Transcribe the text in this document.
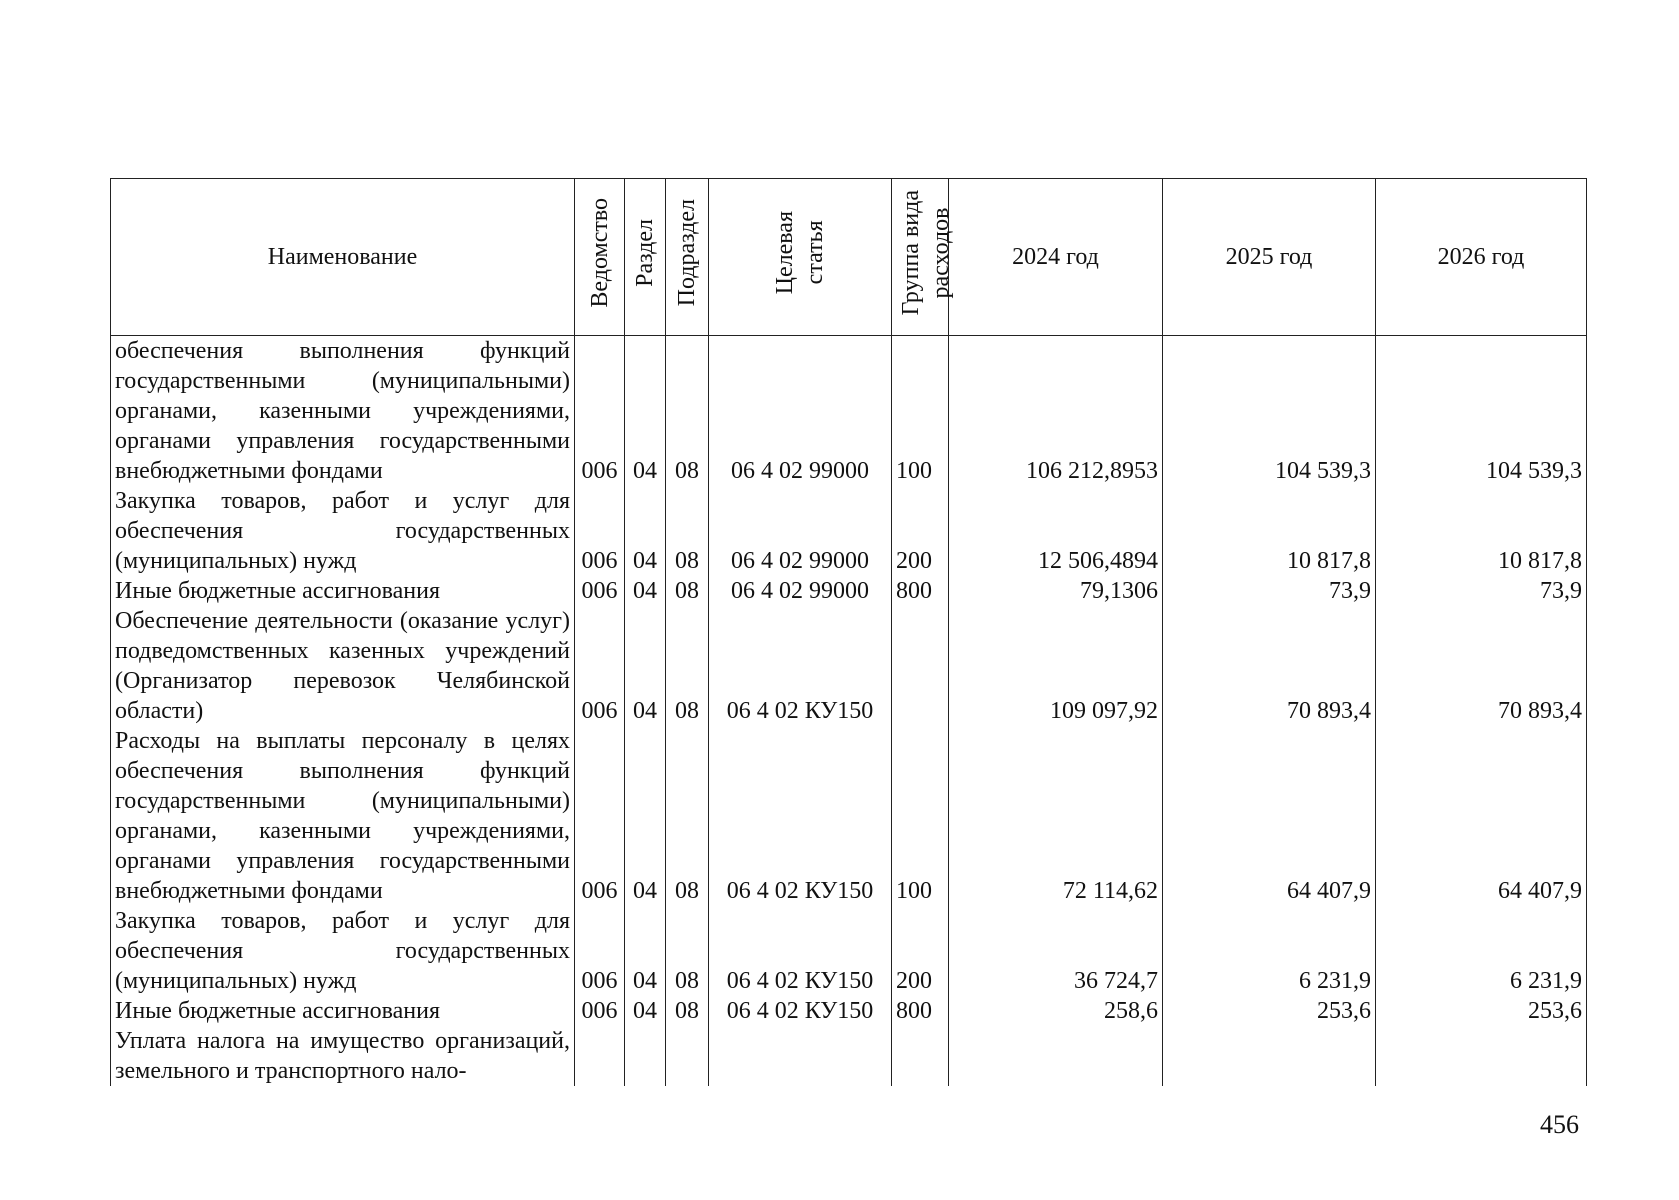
Наименование	Ведомство	Раздел	Подраздел	Целевая статья	Группа вида расходов	2024 год	2025 год	2026 год
обеспечения выполнения функций государственными (муниципальными) органами, казенными учреждениями, органами управления государственными внебюджетными фондами	006	04	08	06 4 02 99000	100	106 212,8953	104 539,3	104 539,3
Закупка товаров, работ и услуг для обеспечения государственных (муниципальных) нужд	006	04	08	06 4 02 99000	200	12 506,4894	10 817,8	10 817,8
Иные бюджетные ассигнования	006	04	08	06 4 02 99000	800	79,1306	73,9	73,9
Обеспечение деятельности (оказание услуг) подведомственных казенных учреждений (Организатор перевозок Челябинской области)	006	04	08	06 4 02 КУ150		109 097,92	70 893,4	70 893,4
Расходы на выплаты персоналу в целях обеспечения выполнения функций государственными (муниципальными) органами, казенными учреждениями, органами управления государственными внебюджетными фондами	006	04	08	06 4 02 КУ150	100	72 114,62	64 407,9	64 407,9
Закупка товаров, работ и услуг для обеспечения государственных (муниципальных) нужд	006	04	08	06 4 02 КУ150	200	36 724,7	6 231,9	6 231,9
Иные бюджетные ассигнования	006	04	08	06 4 02 КУ150	800	258,6	253,6	253,6
Уплата налога на имущество организаций, земельного и транспортного нало-								
456
